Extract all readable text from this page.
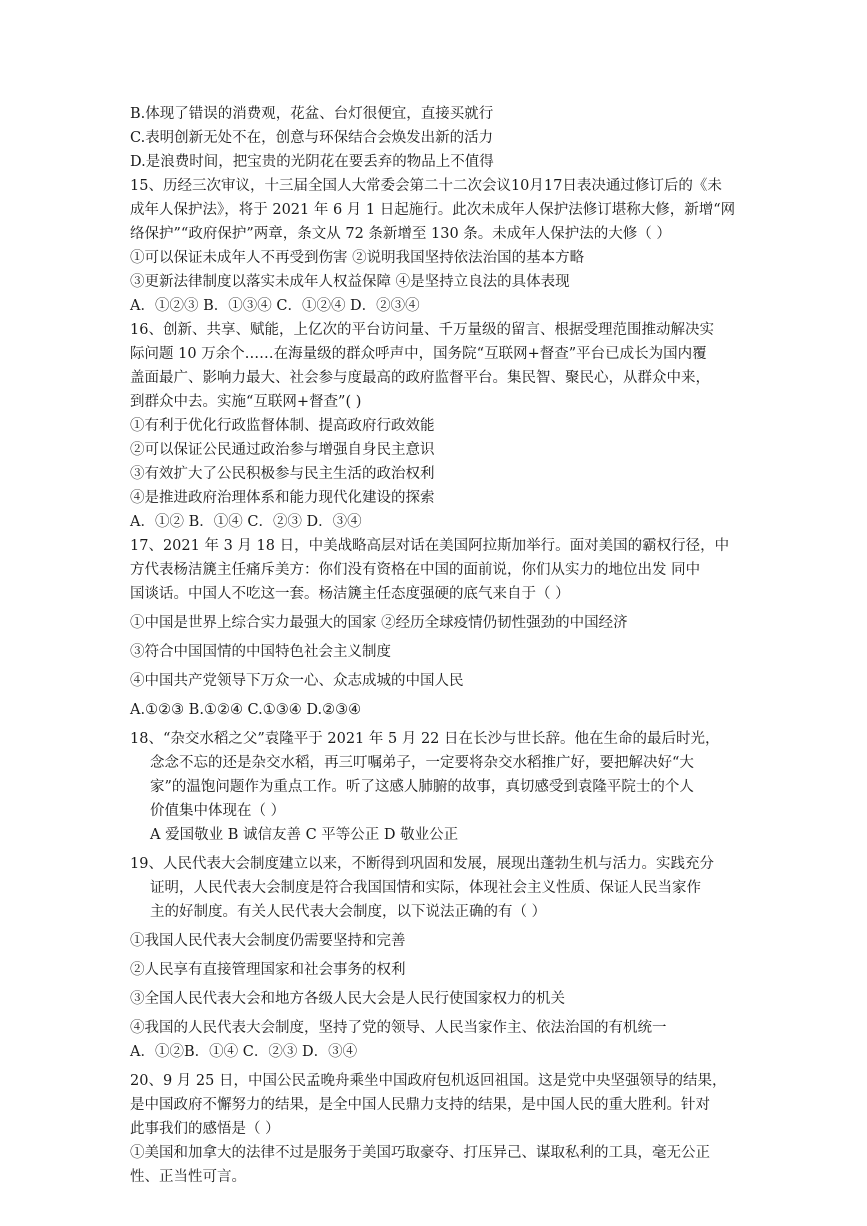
B.体现了错误的消费观，花盆、台灯很便宜，直接买就行
C.表明创新无处不在，创意与环保结合会焕发出新的活力
D.是浪费时间，把宝贵的光阴花在要丢弃的物品上不值得
15、历经三次审议，十三届全国人大常委会第二十二次会议10月17日表决通过修订后的《未
成年人保护法》，将于 2021 年 6 月 1 日起施行。此次未成年人保护法修订堪称大修，新增“网
络保护”“政府保护”两章，条文从 72 条新增至 130 条。未成年人保护法的大修（ ）
①可以保证未成年人不再受到伤害 ②说明我国坚持依法治国的基本方略
③更新法律制度以落实未成年人权益保障 ④是坚持立良法的具体表现
A．①②③ B．①③④ C．①②④ D．②③④
16、创新、共享、赋能，上亿次的平台访问量、千万量级的留言、根据受理范围推动解决实
际问题 10 万余个……在海量级的群众呼声中，国务院“互联网+督查”平台已成长为国内覆
盖面最广、影响力最大、社会参与度最高的政府监督平台。集民智、聚民心，从群众中来，
到群众中去。实施“互联网+督查”( )
①有利于优化行政监督体制、提高政府行政效能
②可以保证公民通过政治参与增强自身民主意识
③有效扩大了公民积极参与民主生活的政治权利
④是推进政府治理体系和能力现代化建设的探索
A．①② B．①④ C．②③ D．③④
17、2021 年 3 月 18 日，中美战略高层对话在美国阿拉斯加举行。面对美国的霸权行径，中
方代表杨洁篪主任痛斥美方：你们没有资格在中国的面前说，你们从实力的地位出发 同中
国谈话。中国人不吃这一套。杨洁篪主任态度强硬的底气来自于（ ）
①中国是世界上综合实力最强大的国家 ②经历全球疫情仍韧性强劲的中国经济
③符合中国国情的中国特色社会主义制度
④中国共产党领导下万众一心、众志成城的中国人民
A.①②③ B.①②④ C.①③④ D.②③④
18、“杂交水稻之父”袁隆平于 2021 年 5 月 22 日在长沙与世长辞。他在生命的最后时光，
念念不忘的还是杂交水稻，再三叮嘱弟子，一定要将杂交水稻推广好，要把解决好“大
家”的温饱问题作为重点工作。听了这感人肺腑的故事，真切感受到袁隆平院士的个人
价值集中体现在（ ）
A 爱国敬业 B 诚信友善 C 平等公正 D 敬业公正
19、人民代表大会制度建立以来，不断得到巩固和发展，展现出蓬勃生机与活力。实践充分
证明，人民代表大会制度是符合我国国情和实际，体现社会主义性质、保证人民当家作
主的好制度。有关人民代表大会制度，以下说法正确的有（ ）
①我国人民代表大会制度仍需要坚持和完善
②人民享有直接管理国家和社会事务的权利
③全国人民代表大会和地方各级人民大会是人民行使国家权力的机关
④我国的人民代表大会制度，坚持了党的领导、人民当家作主、依法治国的有机统一
A．①②B．①④ C．②③ D．③④
20、9 月 25 日，中国公民孟晚舟乘坐中国政府包机返回祖国。这是党中央坚强领导的结果，
是中国政府不懈努力的结果，是全中国人民鼎力支持的结果，是中国人民的重大胜利。针对
此事我们的感悟是（ ）
①美国和加拿大的法律不过是服务于美国巧取豪夺、打压异己、谋取私利的工具，毫无公正
性、正当性可言。
